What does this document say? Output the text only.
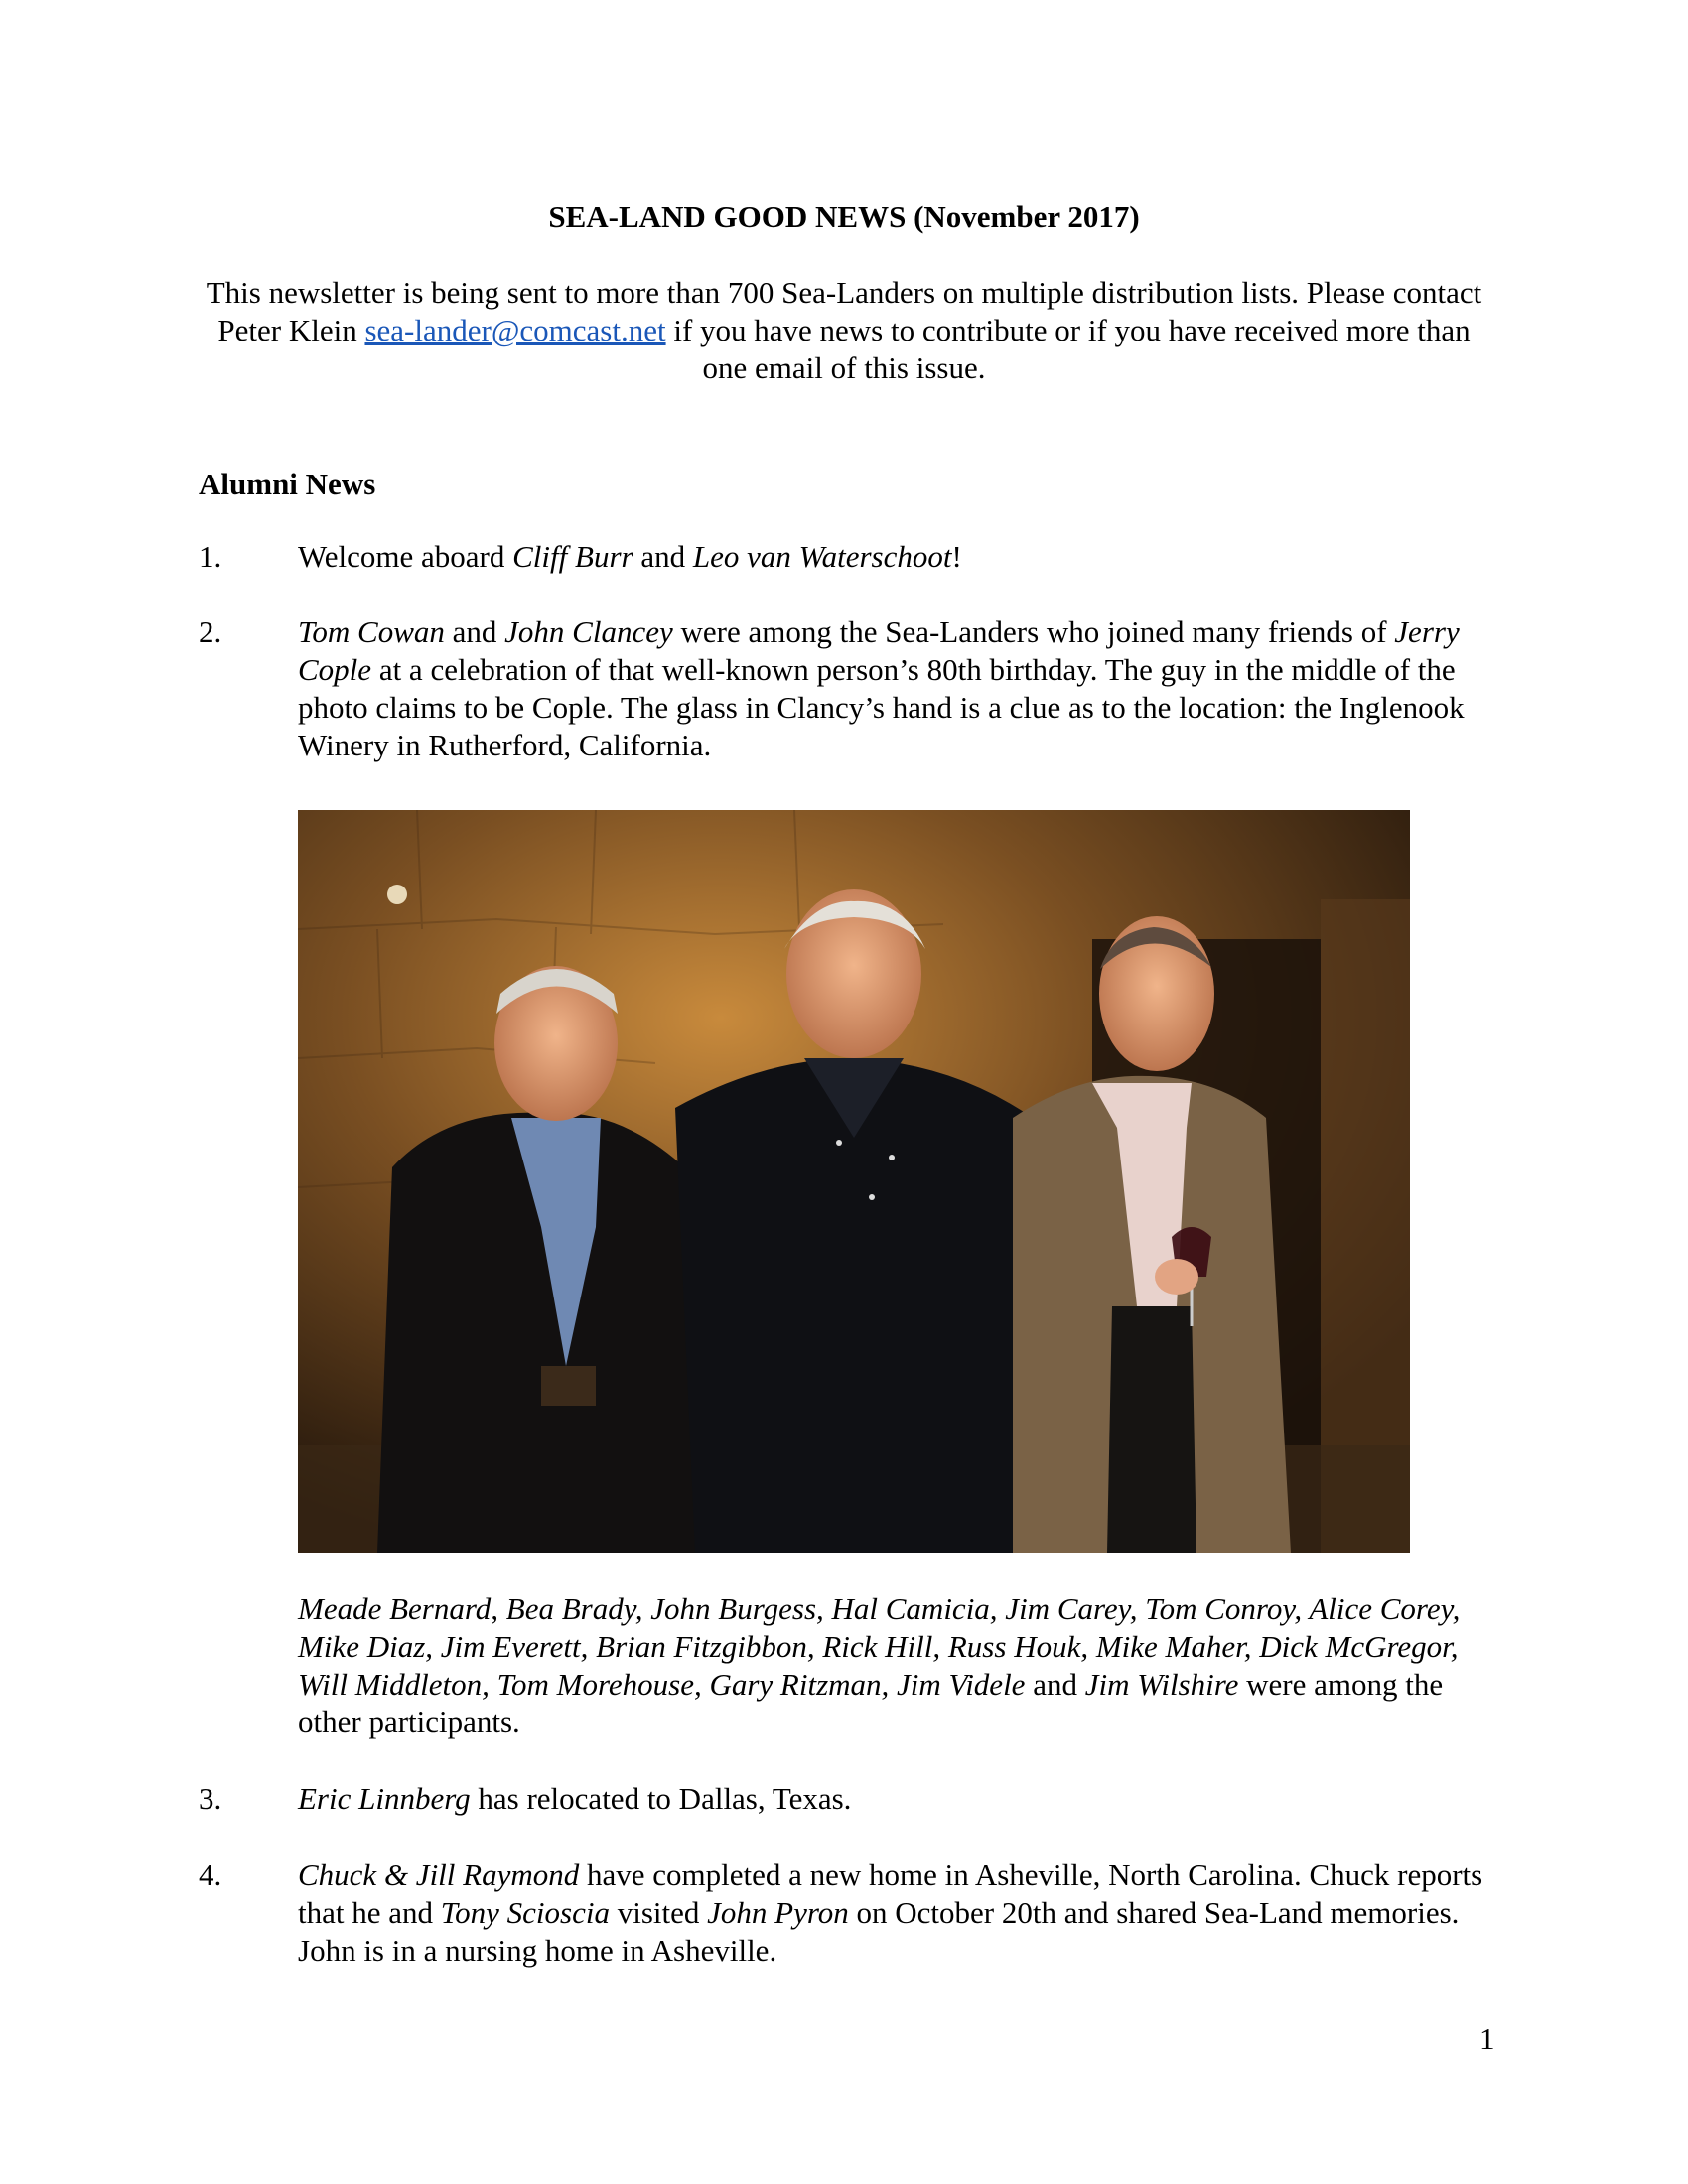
SEA-LAND GOOD NEWS (November 2017)
This newsletter is being sent to more than 700 Sea-Landers on multiple distribution lists. Please contact Peter Klein sea-lander@comcast.net if you have news to contribute or if you have received more than one email of this issue.
Alumni News
1. Welcome aboard Cliff Burr and Leo van Waterschoot!
2. Tom Cowan and John Clancey were among the Sea-Landers who joined many friends of Jerry Cople at a celebration of that well-known person’s 80th birthday. The guy in the middle of the photo claims to be Cople. The glass in Clancy’s hand is a clue as to the location: the Inglenook Winery in Rutherford, California.
Meade Bernard, Bea Brady, John Burgess, Hal Camicia, Jim Carey, Tom Conroy, Alice Corey, Mike Diaz, Jim Everett, Brian Fitzgibbon, Rick Hill, Russ Houk, Mike Maher, Dick McGregor, Will Middleton, Tom Morehouse, Gary Ritzman, Jim Videle and Jim Wilshire were among the other participants.
3. Eric Linnberg has relocated to Dallas, Texas.
4. Chuck & Jill Raymond have completed a new home in Asheville, North Carolina. Chuck reports that he and Tony Scioscia visited John Pyron on October 20th and shared Sea-Land memories. John is in a nursing home in Asheville.
1
